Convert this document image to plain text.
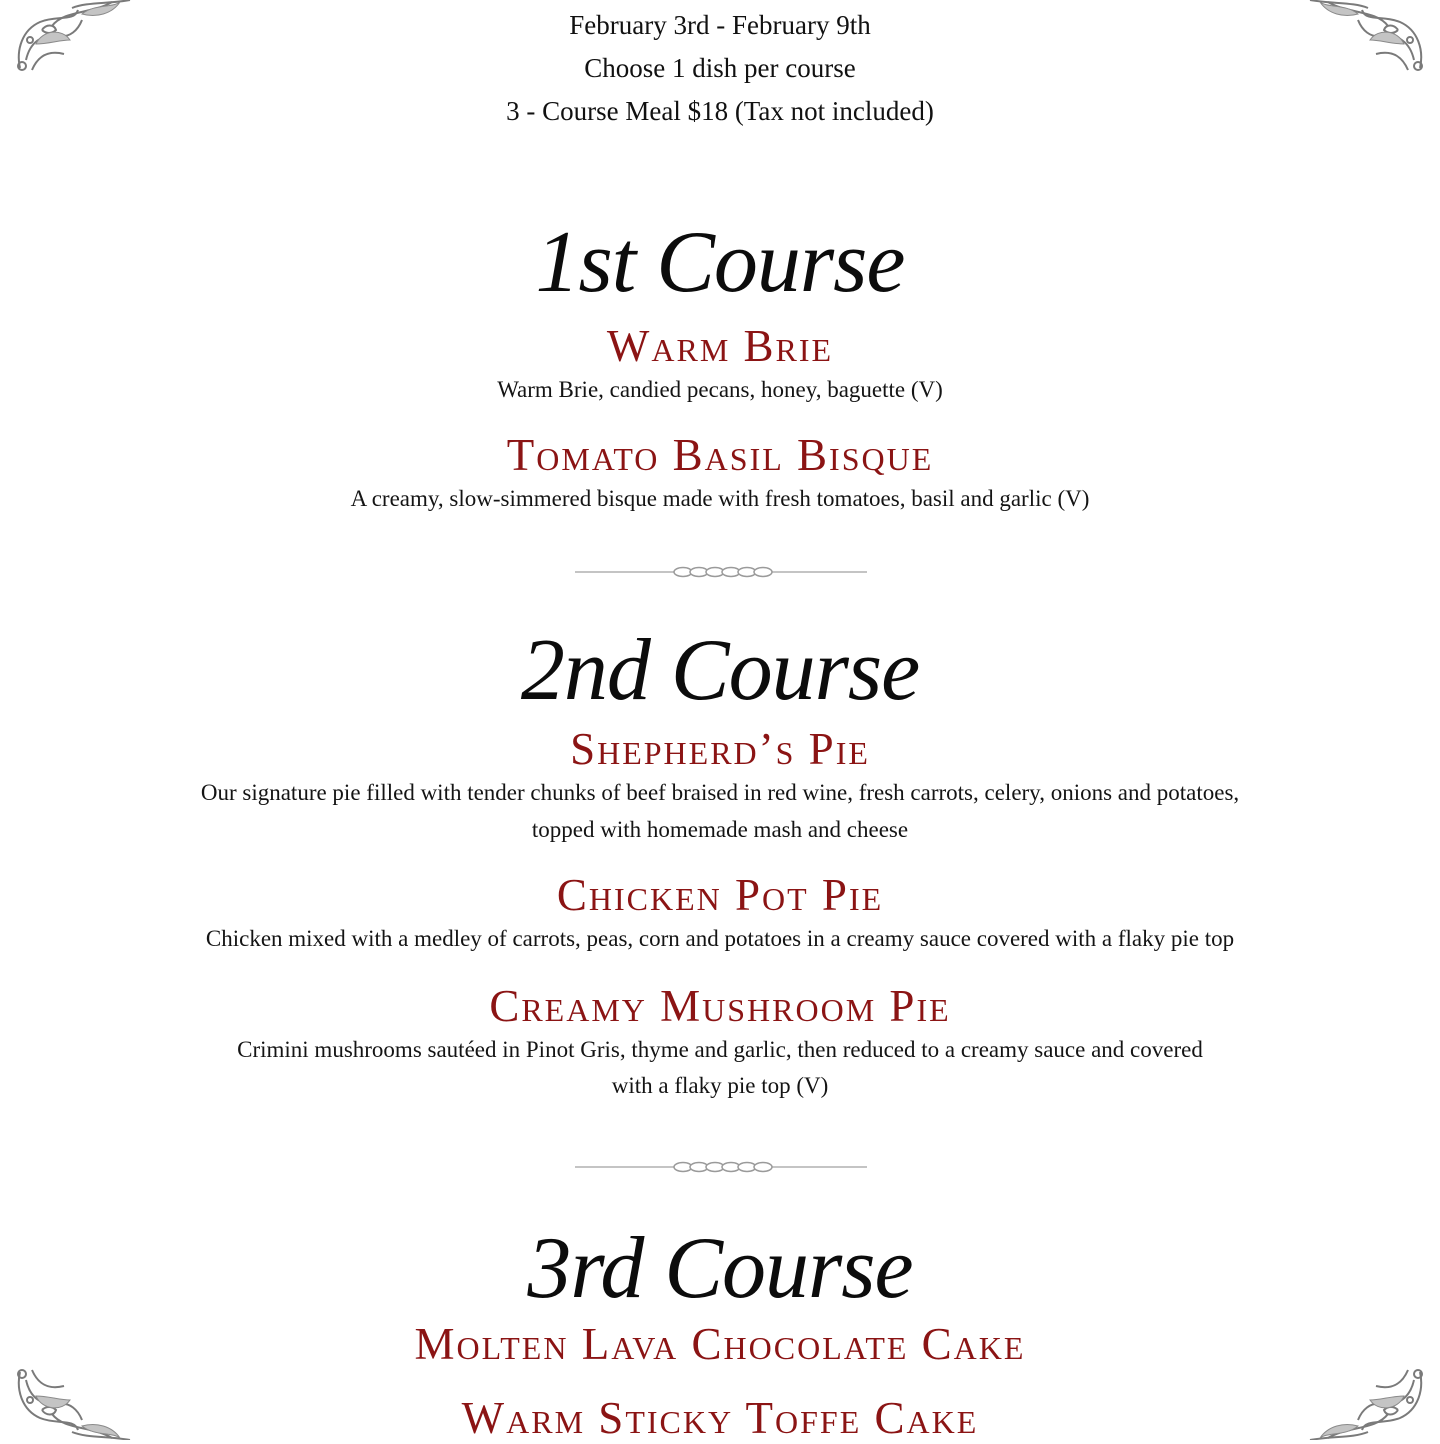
February 3rd - February 9th
Choose 1 dish per course
3 - Course Meal $18 (Tax not included)
1st Course
Warm Brie
Warm Brie, candied pecans, honey, baguette (V)
Tomato Basil Bisque
A creamy, slow-simmered bisque made with fresh tomatoes, basil and garlic (V)
2nd Course
Shepherd’s Pie
Our signature pie filled with tender chunks of beef braised in red wine, fresh carrots, celery, onions and potatoes,
topped with homemade mash and cheese
Chicken Pot Pie
Chicken mixed with a medley of carrots, peas, corn and potatoes in a creamy sauce covered with a flaky pie top
Creamy Mushroom Pie
Crimini mushrooms sautéed in Pinot Gris, thyme and garlic, then reduced to a creamy sauce and covered
with a flaky pie top (V)
3rd Course
Molten Lava Chocolate Cake
Warm Sticky Toffe Cake
